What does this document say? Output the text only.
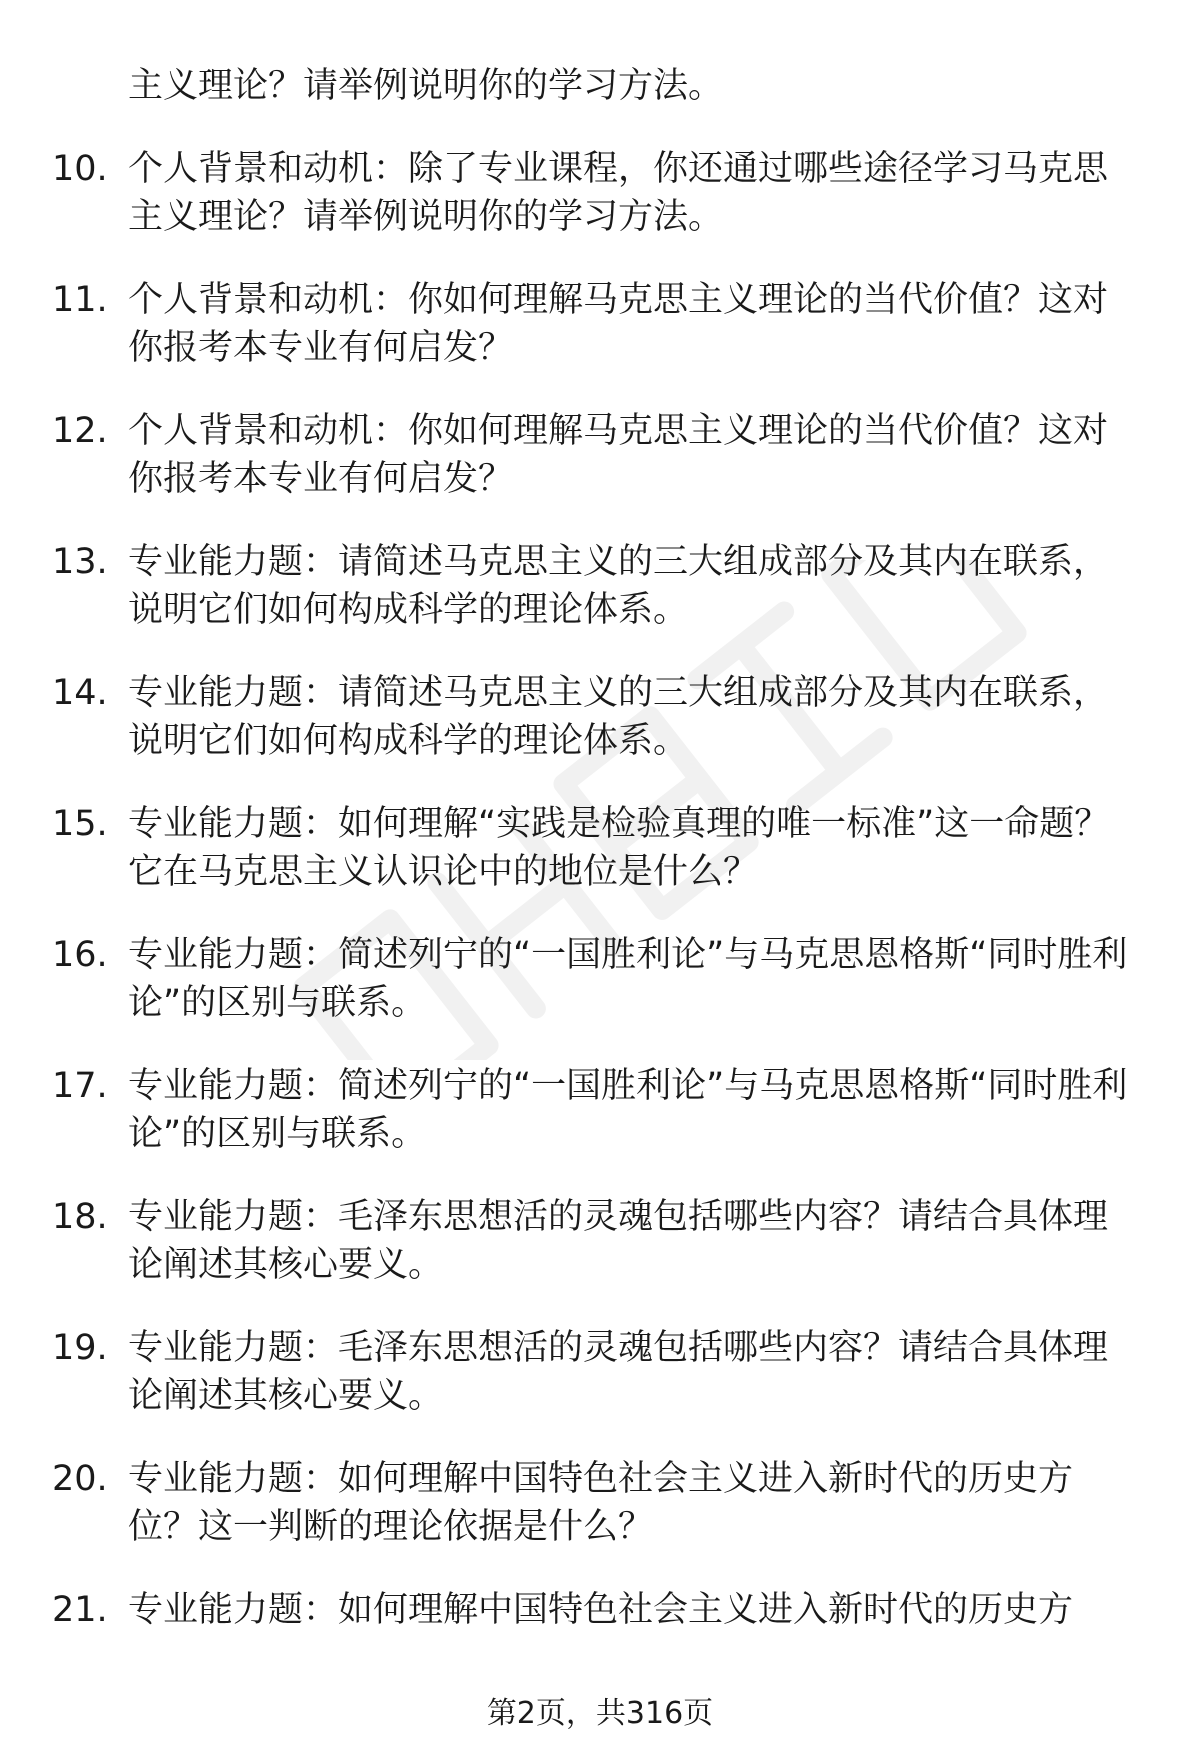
主义理论？请举例说明你的学习方法。

10. 个人背景和动机：除了专业课程，你还通过哪些途径学习马克思主义理论？请举例说明你的学习方法。
11. 个人背景和动机：你如何理解马克思主义理论的当代价值？这对你报考本专业有何启发？
12. 个人背景和动机：你如何理解马克思主义理论的当代价值？这对你报考本专业有何启发？
13. 专业能力题：请简述马克思主义的三大组成部分及其内在联系，说明它们如何构成科学的理论体系。
14. 专业能力题：请简述马克思主义的三大组成部分及其内在联系，说明它们如何构成科学的理论体系。
15. 专业能力题：如何理解“实践是检验真理的唯一标准”这一命题？它在马克思主义认识论中的地位是什么？
16. 专业能力题：简述列宁的“一国胜利论”与马克思恩格斯“同时胜利论”的区别与联系。
17. 专业能力题：简述列宁的“一国胜利论”与马克思恩格斯“同时胜利论”的区别与联系。
18. 专业能力题：毛泽东思想活的灵魂包括哪些内容？请结合具体理论阐述其核心要义。
19. 专业能力题：毛泽东思想活的灵魂包括哪些内容？请结合具体理论阐述其核心要义。
20. 专业能力题：如何理解中国特色社会主义进入新时代的历史方位？这一判断的理论依据是什么？
21. 专业能力题：如何理解中国特色社会主义进入新时代的历史方
第2页，共316页
